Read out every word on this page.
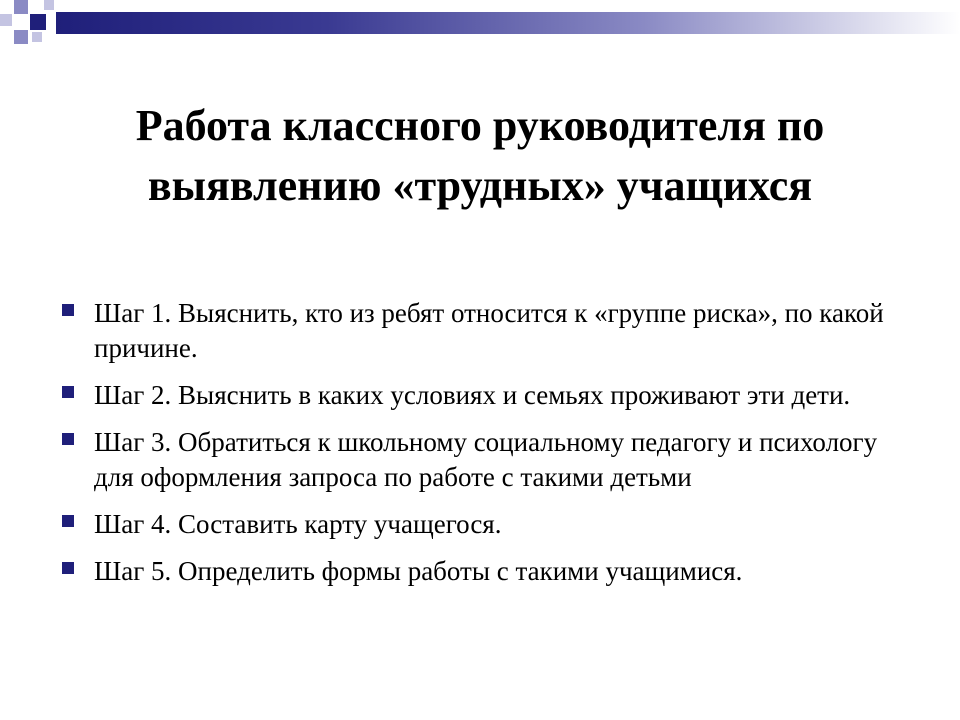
Работа классного руководителя по
выявлению «трудных» учащихся
Шаг 1. Выяснить, кто из ребят относится к «группе риска», по какой причине.
Шаг 2. Выяснить в каких условиях и семьях проживают эти дети.
Шаг 3. Обратиться к школьному социальному педагогу и психологу для оформления запроса по работе с такими детьми
Шаг 4. Составить карту учащегося.
Шаг 5. Определить формы работы с такими учащимися.
